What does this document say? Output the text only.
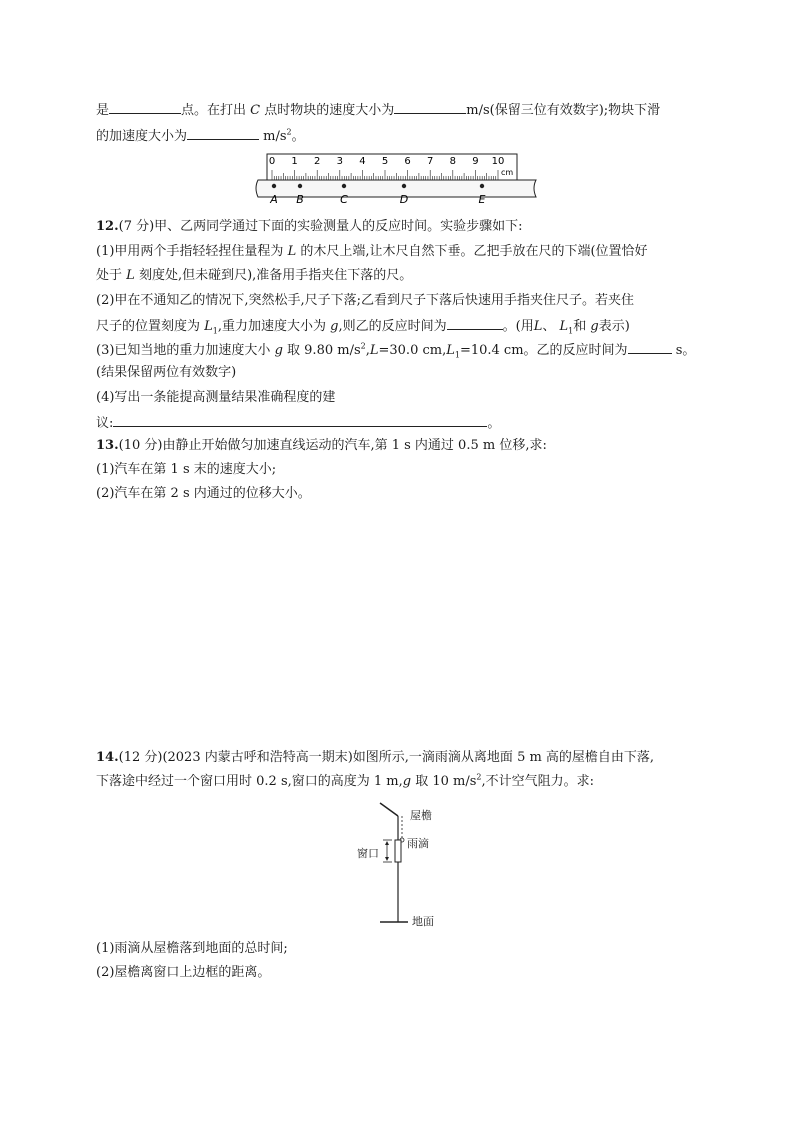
是	点。在打出 C 点时物块的速度大小为	m/s(保留三位有效数字);物块下滑
的加速度大小为	$m/s^2$。
0 1 2 3 4 5 6 7 8 9 10
cm
A B	C	D	E
12.(7 分)甲、乙两同学通过下面的实验测量人的反应时间。实验步骤如下:
(1)甲用两个手指轻轻捏住量程为 L 的木尺上端,让木尺自然下垂。乙把手放在尺的下端(位置恰好
处于 L 刻度处,但未碰到尺),准备用手指夹住下落的尺。
(2)甲在不通知乙的情况下,突然松手,尺子下落;乙看到尺子下落后快速用手指夹住尺子。若夹住
尺子的位置刻度为 $L_1$,重力加速度大小为 g,则乙的反应时间为	。(用L、 $L_1$和 g表示)
(3)已知当地的重力加速度大小 g 取 9.80 $m/s^2,L=30.0$ $cm,L_1=10.4$ cm。乙的反应时间为	s。
(结果保留两位有效数字)
(4)写出一条能提高测量结果准确程度的建
议:	。
13.(10 分)由静止开始做匀加速直线运动的汽车,第 1 s 内通过 0.5 m 位移,求:
(1)汽车在第 1 s 末的速度大小;
(2)汽车在第 2 s 内通过的位移大小。
14.(12 分)(2023 内蒙古呼和浩特高一期末)如图所示,一滴雨滴从离地面 5 m 高的屋檐自由下落,
下落途中经过一个窗口用时 0.2 s,窗口的高度为 1 m,g 取 10 $m/s^2$,不计空气阻力。求:
屋檐
雨滴
窗口
地面
(1)雨滴从屋檐落到地面的总时间;
(2)屋檐离窗口上边框的距离。
